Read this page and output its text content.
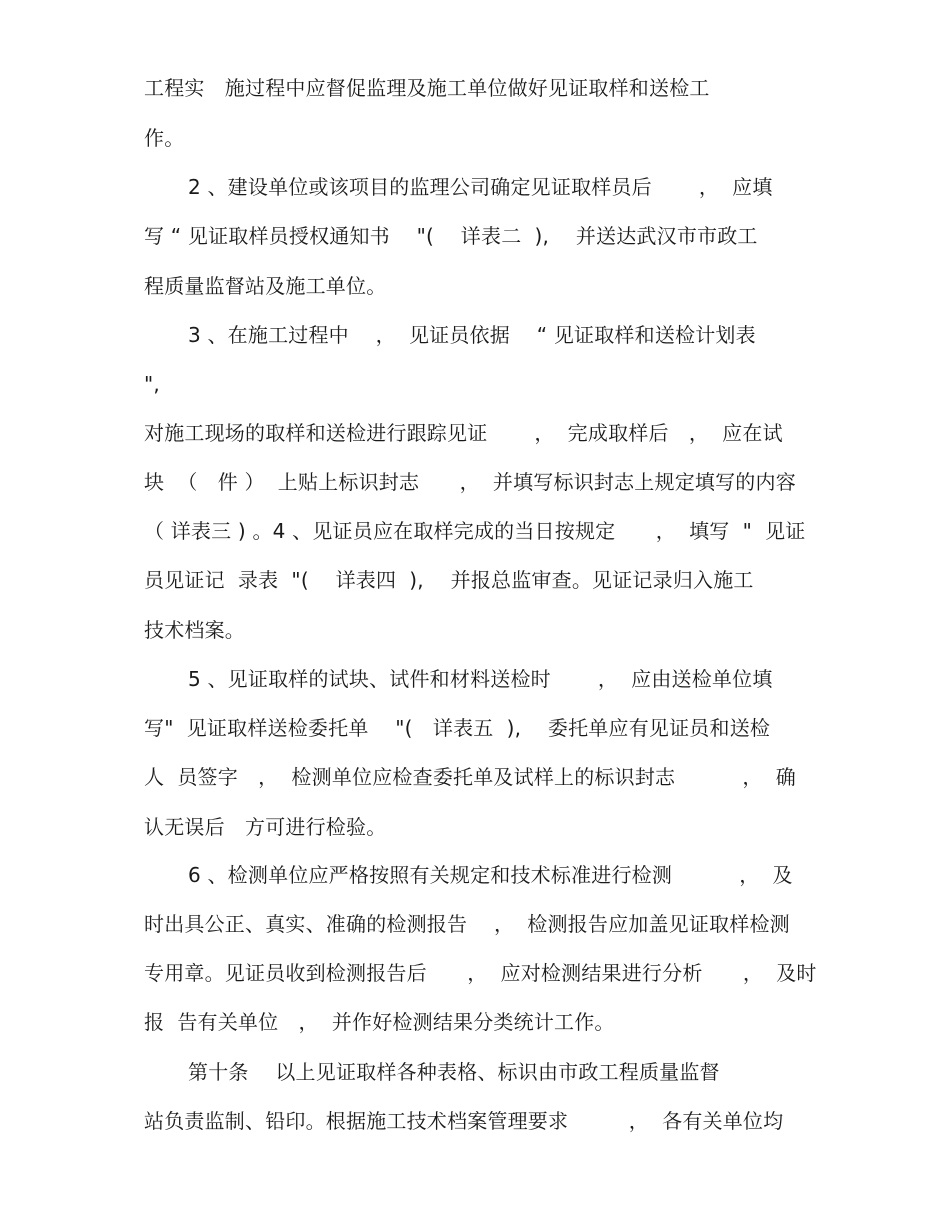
工程实　施过程中应督促监理及施工单位做好见证取样和送检工
作。
2 、建设单位或该项目的监理公司确定见证取样员后　　 ，  应填
写 “ 见证取样员授权通知书　 "(　 详表二  ),　 并送达武汉市市政工
程质量监督站及施工单位。
3 、在施工过程中　 ，  见证员依据　 “ 见证取样和送检计划表
",
对施工现场的取样和送检进行跟踪见证　　 ，  完成取样后　，  应在试
块  （　件 ）  上贴上标识封志　　，  并填写标识封志上规定填写的内容
（ 详表三 ) 。4 、见证员应在取样完成的当日按规定　　，  填写  "  见证
员见证记  录表  "(　 详表四  ),　 并报总监审查。见证记录归入施工
技术档案。
5 、见证取样的试块、试件和材料送检时　　 ，  应由送检单位填
写"  见证取样送检委托单　 "(　详表五  ),　 委托单应有见证员和送检
人  员签字　，  检测单位应检查委托单及试样上的标识封志　　　 ，  确
认无误后　方可进行检验。
6 、检测单位应严格按照有关规定和技术标准进行检测　　　 ，  及
时出具公正、真实、准确的检测报告　 ，  检测报告应加盖见证取样检测
专用章。见证员收到检测报告后　　，  应对检测结果进行分析　　，  及时
报  告有关单位　，  并作好检测结果分类统计工作。
第十条　 以上见证取样各种表格、标识由市政工程质量监督
站负责监制、铅印。根据施工技术档案管理要求　　　，  各有关单位均
